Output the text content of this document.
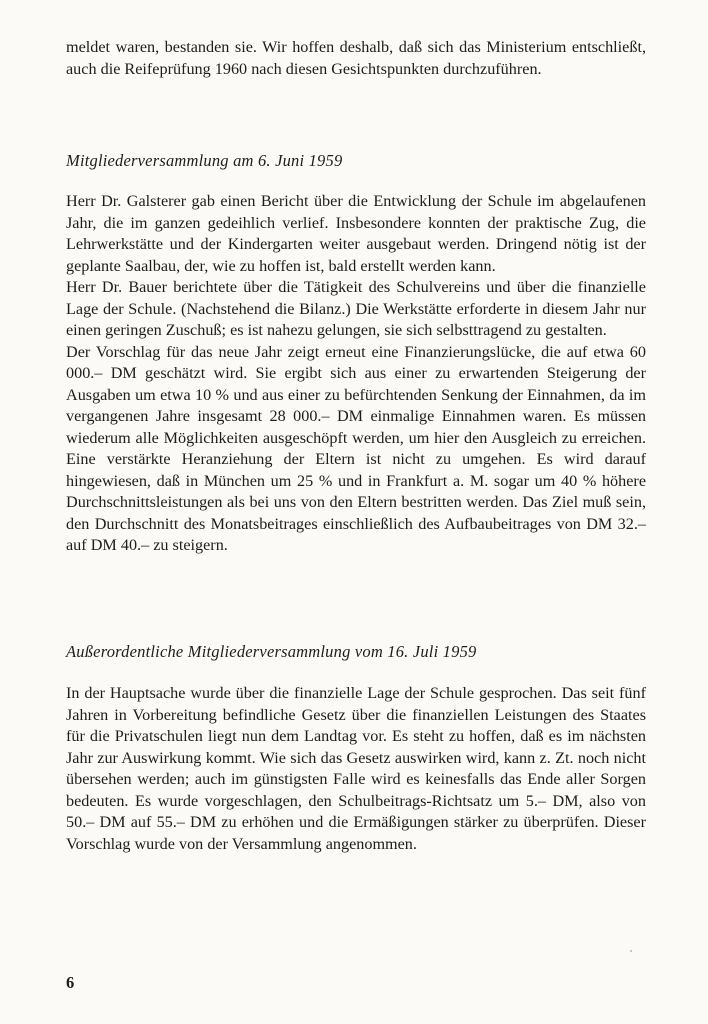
meldet waren, bestanden sie. Wir hoffen deshalb, daß sich das Ministerium entschließt, auch die Reifeprüfung 1960 nach diesen Gesichtspunkten durchzuführen.

Mitgliederversammlung am 6. Juni 1959

Herr Dr. Galsterer gab einen Bericht über die Entwicklung der Schule im abgelaufenen Jahr, die im ganzen gedeihlich verlief. Insbesondere konnten der praktische Zug, die Lehrwerkstätte und der Kindergarten weiter ausgebaut werden. Dringend nötig ist der geplante Saalbau, der, wie zu hoffen ist, bald erstellt werden kann.

Herr Dr. Bauer berichtete über die Tätigkeit des Schulvereins und über die finanzielle Lage der Schule. (Nachstehend die Bilanz.) Die Werkstätte erforderte in diesem Jahr nur einen geringen Zuschuß; es ist nahezu gelungen, sie sich selbsttragend zu gestalten.

Der Vorschlag für das neue Jahr zeigt erneut eine Finanzierungslücke, die auf etwa 60 000.– DM geschätzt wird. Sie ergibt sich aus einer zu erwartenden Steigerung der Ausgaben um etwa 10 % und aus einer zu befürchtenden Senkung der Einnahmen, da im vergangenen Jahre insgesamt 28 000.– DM einmalige Einnahmen waren. Es müssen wiederum alle Möglichkeiten ausgeschöpft werden, um hier den Ausgleich zu erreichen. Eine verstärkte Heranziehung der Eltern ist nicht zu umgehen. Es wird darauf hingewiesen, daß in München um 25 % und in Frankfurt a. M. sogar um 40 % höhere Durchschnittsleistungen als bei uns von den Eltern bestritten werden. Das Ziel muß sein, den Durchschnitt des Monatsbeitrages einschließlich des Aufbaubeitrages von DM 32.– auf DM 40.– zu steigern.

Außerordentliche Mitgliederversammlung vom 16. Juli 1959

In der Hauptsache wurde über die finanzielle Lage der Schule gesprochen. Das seit fünf Jahren in Vorbereitung befindliche Gesetz über die finanziellen Leistungen des Staates für die Privatschulen liegt nun dem Landtag vor. Es steht zu hoffen, daß es im nächsten Jahr zur Auswirkung kommt. Wie sich das Gesetz auswirken wird, kann z. Zt. noch nicht übersehen werden; auch im günstigsten Falle wird es keinesfalls das Ende aller Sorgen bedeuten. Es wurde vorgeschlagen, den Schulbeitrags-Richtsatz um 5.– DM, also von 50.– DM auf 55.– DM zu erhöhen und die Ermäßigungen stärker zu überprüfen. Dieser Vorschlag wurde von der Versammlung angenommen.

6
